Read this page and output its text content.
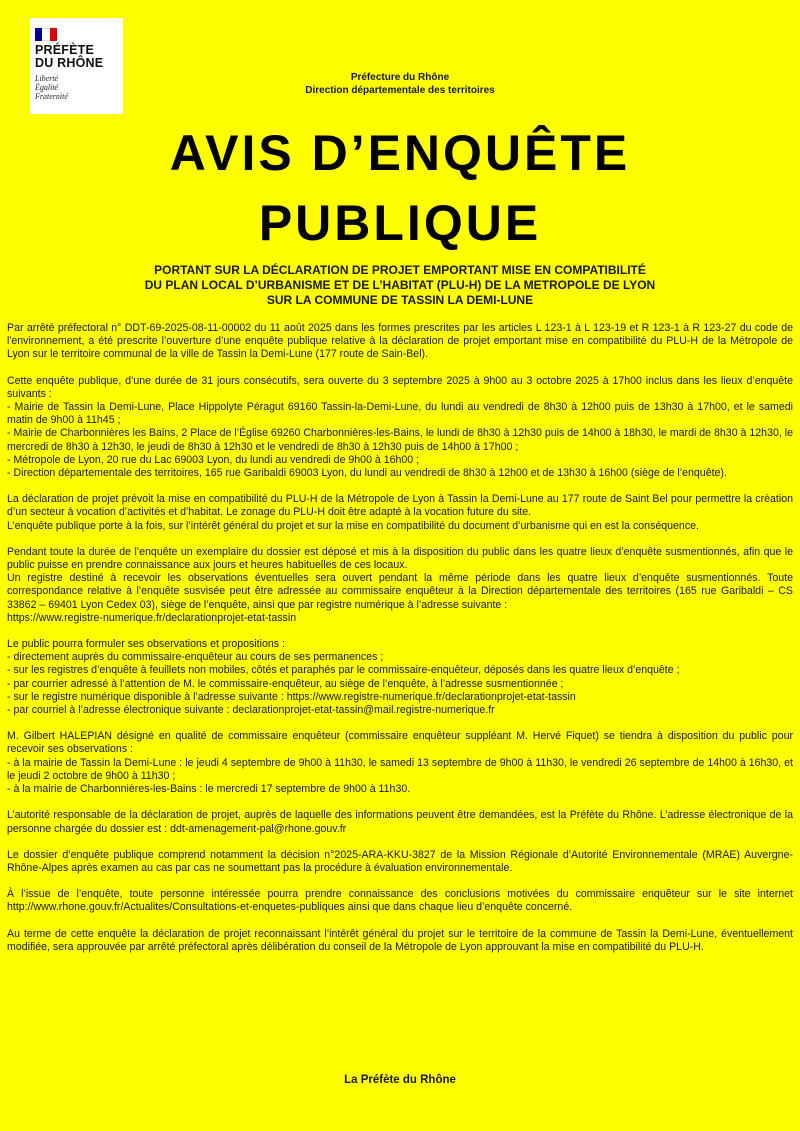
PRÉFÈTE
DU RHÔNE
Liberté
Égalité
Fraternité
Préfecture du Rhône
Direction départementale des territoires
AVIS D’ENQUÊTE
PUBLIQUE
PORTANT SUR LA DÉCLARATION DE PROJET EMPORTANT MISE EN COMPATIBILITÉ
DU PLAN LOCAL D’URBANISME ET DE L’HABITAT (PLU-H) DE LA METROPOLE DE LYON
SUR LA COMMUNE DE TASSIN LA DEMI-LUNE

Par arrêté préfectoral n° DDT-69-2025-08-11-00002 du 11 août 2025 dans les formes prescrites par les articles L 123-1 à L 123-19 et R 123-1 à R 123-27 du code de l'environnement, a été prescrite l’ouverture d’une enquête publique relative à la déclaration de projet emportant mise en compatibilité du PLU-H de la Métropole de Lyon sur le territoire communal de la ville de Tassin la Demi-Lune (177 route de Sain-Bel).

Cette enquête publique, d’une durée de 31 jours consécutifs, sera ouverte du 3 septembre 2025 à 9h00 au 3 octobre 2025 à 17h00 inclus dans les lieux d’enquête suivants :
- Mairie de Tassin la Demi-Lune, Place Hippolyte Péragut 69160 Tassin-la-Demi-Lune, du lundi au vendredi de 8h30 à 12h00 puis de 13h30 à 17h00, et le samedi matin de 9h00 à 11h45 ;
- Mairie de Charbonnières les Bains, 2 Place de l’Église 69260 Charbonnières-les-Bains, le lundi de 8h30 à 12h30 puis de 14h00 à 18h30, le mardi de 8h30 à 12h30, le mercredi de 8h30 à 12h30, le jeudi de 8h30 à 12h30 et le vendredi de 8h30 à 12h30 puis de 14h00 à 17h00 ;
- Métropole de Lyon, 20 rue du Lac 69003 Lyon, du lundi au vendredi de 9h00 à 16h00 ;
- Direction départementale des territoires, 165 rue Garibaldi 69003 Lyon, du lundi au vendredi de 8h30 à 12h00 et de 13h30 à 16h00 (siège de l’enquête).

La déclaration de projet prévoit la mise en compatibilité du PLU-H de la Métropole de Lyon à Tassin la Demi-Lune au 177 route de Saint Bel pour permettre la création d’un secteur à vocation d’activités et d’habitat. Le zonage du PLU-H doit être adapté à la vocation future du site.
L’enquête publique porte à la fois, sur l’intérêt général du projet et sur la mise en compatibilité du document d’urbanisme qui en est la conséquence.

Pendant toute la durée de l’enquête un exemplaire du dossier est déposé et mis à la disposition du public dans les quatre lieux d’enquête susmentionnés, afin que le public puisse en prendre connaissance aux jours et heures habituelles de ces locaux.
Un registre destiné à recevoir les observations éventuelles sera ouvert pendant la même période dans les quatre lieux d’enquête susmentionnés. Toute correspondance relative à l’enquête susvisée peut être adressée au commissaire enquêteur à la Direction départementale des territoires (165 rue Garibaldi – CS 33862 – 69401 Lyon Cedex 03), siège de l’enquête, ainsi que par registre numérique à l’adresse suivante :
https://www.registre-numerique.fr/declarationprojet-etat-tassin

Le public pourra formuler ses observations et propositions :
- directement auprès du commissaire-enquêteur au cours de ses permanences ;
- sur les registres d’enquête à feuillets non mobiles, côtés et paraphés par le commissaire-enquêteur, déposés dans les quatre lieux d’enquête ;
- par courrier adressé à l’attention de M. le commissaire-enquêteur, au siège de l’enquête, à l’adresse susmentionnée ;
- sur le registre numérique disponible à l’adresse suivante : https://www.registre-numerique.fr/declarationprojet-etat-tassin
- par courriel à l’adresse électronique suivante : declarationprojet-etat-tassin@mail.registre-numerique.fr

M. Gilbert HALEPIAN désigné en qualité de commissaire enquêteur (commissaire enquêteur suppléant M. Hervé Fiquet) se tiendra à disposition du public pour recevoir ses observations :
- à la mairie de Tassin la Demi-Lune : le jeudi 4 septembre de 9h00 à 11h30, le samedi 13 septembre de 9h00 à 11h30, le vendredi 26 septembre de 14h00 à 16h30, et le jeudi 2 octobre de 9h00 à 11h30 ;
- à la mairie de Charbonnières-les-Bains : le mercredi 17 septembre de 9h00 à 11h30.

L’autorité responsable de la déclaration de projet, auprès de laquelle des informations peuvent être demandées, est la Préfète du Rhône. L’adresse électronique de la personne chargée du dossier est : ddt-amenagement-pal@rhone.gouv.fr

Le dossier d’enquête publique comprend notamment la décision n°2025-ARA-KKU-3827 de la Mission Régionale d’Autorité Environnementale (MRAE) Auvergne-Rhône-Alpes après examen au cas par cas ne soumettant pas la procédure à évaluation environnementale.

À l’issue de l’enquête, toute personne intéressée pourra prendre connaissance des conclusions motivées du commissaire enquêteur sur le site internet http://www.rhone.gouv.fr/Actualites/Consultations-et-enquetes-publiques ainsi que dans chaque lieu d’enquête concerné.

Au terme de cette enquête la déclaration de projet reconnaissant l’intérêt général du projet sur le territoire de la commune de Tassin la Demi-Lune, éventuellement modifiée, sera approuvée par arrêté préfectoral après délibération du conseil de la Métropole de Lyon approuvant la mise en compatibilité du PLU-H.

La Préfète du Rhône
